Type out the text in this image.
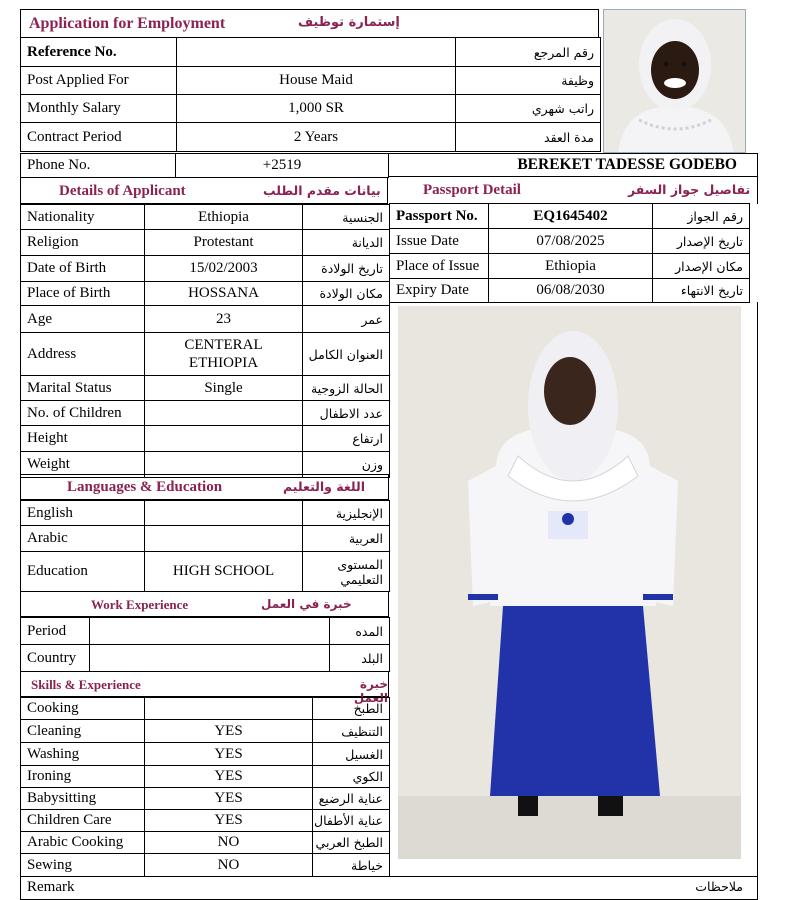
Application for Employment	إستمارة توظيف
Reference No.		رقم المرجع
Post Applied For	House Maid	وظيفة
Monthly Salary	1,000 SR	راتب شهري
Contract Period	2 Years	مدة العقد
Phone No.	+2519	BEREKET TADESSE GODEBO
Details of Applicant	بيانات مقدم الطلب
Nationality	Ethiopia	الجنسية
Religion	Protestant	الديانة
Date of Birth	15/02/2003	تاريخ الولادة
Place of Birth	HOSSANA	مكان الولادة
Age	23	عمر
Address	CENTERAL
ETHIOPIA	العنوان الكامل
Marital Status	Single	الحالة الزوجية
No. of Children		عدد الاطفال
Height		ارتفاع
Weight		وزن
Languages & Education	اللغة والتعليم
English		الإنجليزية
Arabic		العربية
Education	HIGH SCHOOL	المستوى
التعليمي
Work Experience	خبرة في العمل
Period		المده
Country		البلد
Skills & Experience	خبرة العمل
Cooking		الطبخ
Cleaning	YES	التنظيف
Washing	YES	الغسيل
Ironing	YES	الكوي
Babysitting	YES	عناية الرضيع
Children Care	YES	عناية الأطفال
Arabic Cooking	NO	الطبخ العربي
Sewing	NO	خياطة
Remark	ملاحظات
Passport Detail	تفاصيل جواز السفر
Passport No.	EQ1645402	رقم الجواز
Issue Date	07/08/2025	تاريخ الإصدار
Place of Issue	Ethiopia	مكان الإصدار
Expiry Date	06/08/2030	تاريخ الانتهاء
